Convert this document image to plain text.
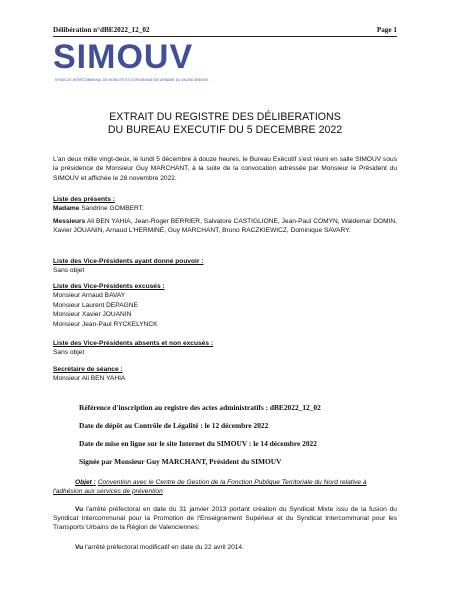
Délibération n°dBE2022_12_02	Page 1
SIMOUV
SYNDICAT INTERCOMMUNAL DE MOBILITÉ ET D'ORGANISATION URBAINE DU VALENCIENNOIS
EXTRAIT DU REGISTRE DES DÉLIBERATIONS
DU BUREAU EXECUTIF DU 5 DECEMBRE 2022
L'an deux mille vingt-deux, le lundi 5 décembre à douze heures, le Bureau Exécutif s'est réuni en salle SIMOUV sous la présidence de Monsieur Guy MARCHANT, à la suite de la convocation adressée par Monsieur le Président du SIMOUV et affichée le 28 novembre 2022.
Liste des présents :
Madame Sandrine GOMBERT.
Messieurs Ali BEN YAHIA, Jean-Roger BERRIER, Salvatore CASTIGLIONE, Jean-Paul COMYN, Waldemar DOMIN, Xavier JOUANIN, Arnaud L'HERMINÉ, Guy MARCHANT, Bruno RACZKIEWICZ, Dominique SAVARY.
Liste des Vice-Présidents ayant donné pouvoir :
Sans objet
Liste des Vice-Présidents excusés :
Monsieur Arnaud BAVAY
Monsieur Laurent DEPAGNE
Monsieur Xavier JOUANIN
Monsieur Jean-Paul RYCKELYNCK
Liste des Vice-Présidents absents et non excusés :
Sans objet
Secrétaire de séance :
Monsieur Ali BEN YAHIA
Référence d'inscription au registre des actes administratifs : dBE2022_12_02
Date de dépôt au Contrôle de Légalité : le 12 décembre 2022
Date de mise en ligne sur le site Internet du SIMOUV : le 14 décembre 2022
Signée par Monsieur Guy MARCHANT, Président du SIMOUV
Objet : Convention avec le Centre de Gestion de la Fonction Publique Territoriale du Nord relative à l'adhésion aux services de prévention
Vu l'arrêté préfectoral en date du 31 janvier 2013 portant création du Syndicat Mixte issu de la fusion du Syndicat Intercommunal pour la Promotion de l'Enseignement Supérieur et du Syndicat Intercommunal pour les Transports Urbains de la Région de Valenciennes;
Vu l'arrêté préfectoral modificatif en date du 22 avril 2014.
